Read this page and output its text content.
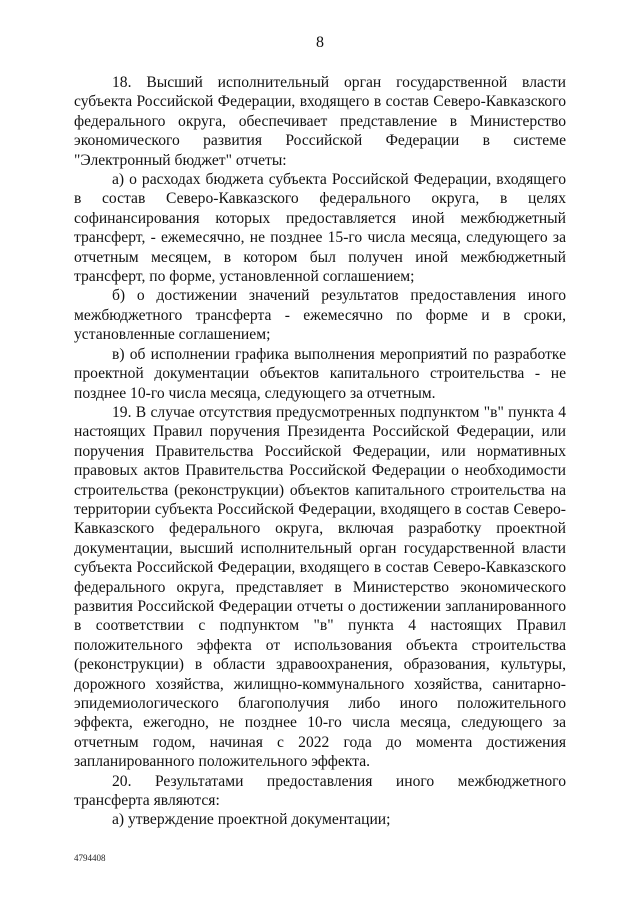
8

18. Высший исполнительный орган государственной власти субъекта Российской Федерации, входящего в состав Северо-Кавказского федерального округа, обеспечивает представление в Министерство экономического развития Российской Федерации в системе "Электронный бюджет" отчеты:

а) о расходах бюджета субъекта Российской Федерации, входящего в состав Северо-Кавказского федерального округа, в целях софинансирования которых предоставляется иной межбюджетный трансферт, - ежемесячно, не позднее 15-го числа месяца, следующего за отчетным месяцем, в котором был получен иной межбюджетный трансферт, по форме, установленной соглашением;

б) о достижении значений результатов предоставления иного межбюджетного трансферта - ежемесячно по форме и в сроки, установленные соглашением;

в) об исполнении графика выполнения мероприятий по разработке проектной документации объектов капитального строительства - не позднее 10-го числа месяца, следующего за отчетным.

19. В случае отсутствия предусмотренных подпунктом "в" пункта 4 настоящих Правил поручения Президента Российской Федерации, или поручения Правительства Российской Федерации, или нормативных правовых актов Правительства Российской Федерации о необходимости строительства (реконструкции) объектов капитального строительства на территории субъекта Российской Федерации, входящего в состав Северо-Кавказского федерального округа, включая разработку проектной документации, высший исполнительный орган государственной власти субъекта Российской Федерации, входящего в состав Северо-Кавказского федерального округа, представляет в Министерство экономического развития Российской Федерации отчеты о достижении запланированного в соответствии с подпунктом "в" пункта 4 настоящих Правил положительного эффекта от использования объекта строительства (реконструкции) в области здравоохранения, образования, культуры, дорожного хозяйства, жилищно-коммунального хозяйства, санитарно-эпидемиологического благополучия либо иного положительного эффекта, ежегодно, не позднее 10-го числа месяца, следующего за отчетным годом, начиная с 2022 года до момента достижения запланированного положительного эффекта.

20. Результатами предоставления иного межбюджетного трансферта являются:

а) утверждение проектной документации;

4794408
